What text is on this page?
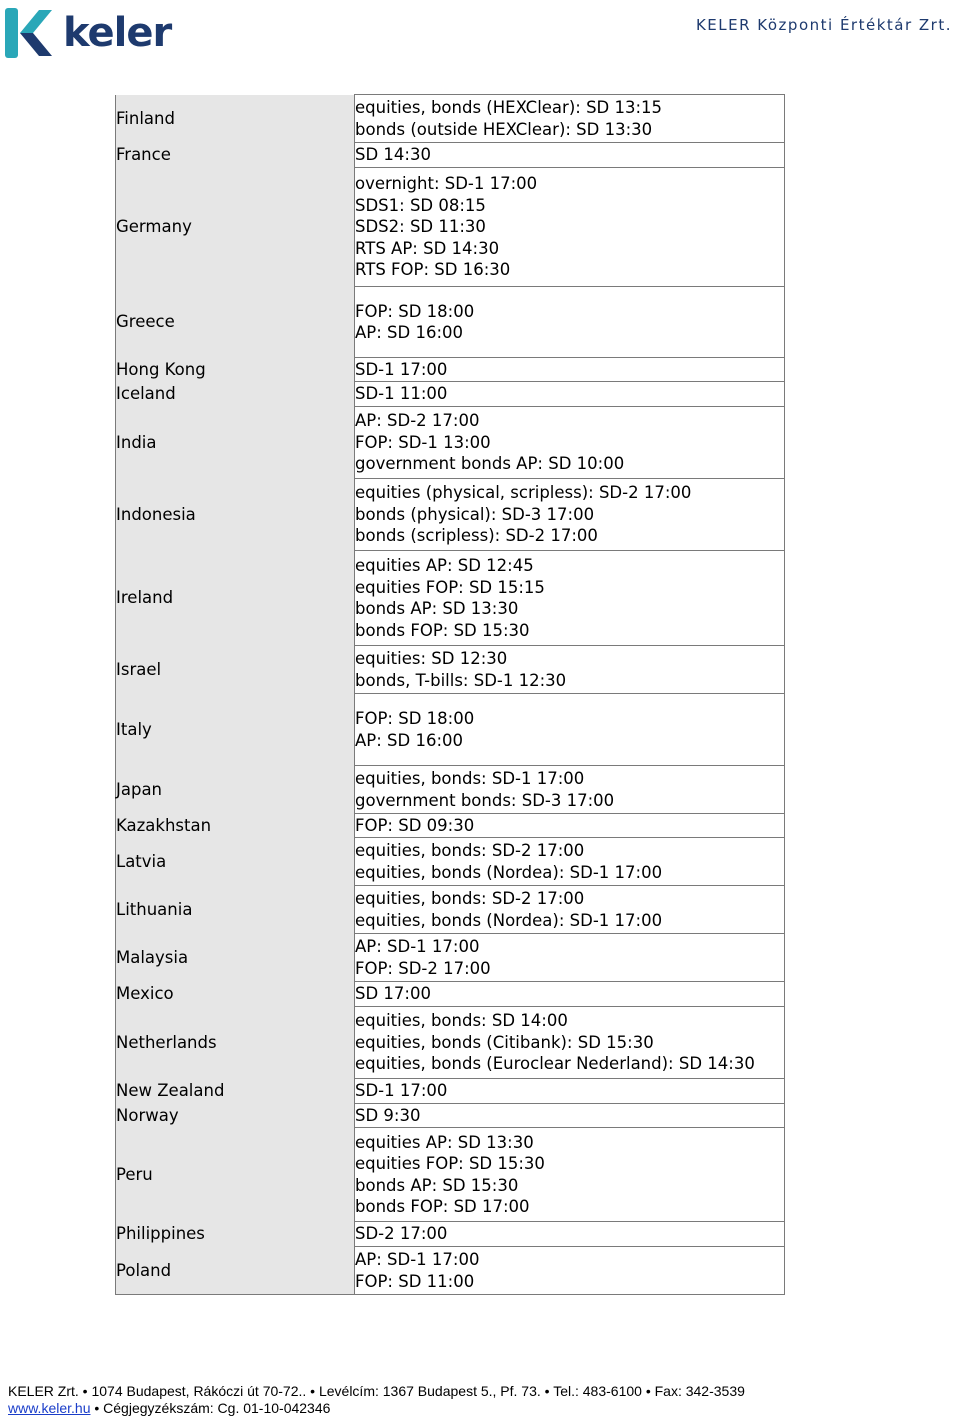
keler	KELER Központi Értéktár Zrt.
Finland	equities, bonds (HEXClear): SD 13:15
bonds (outside HEXClear): SD 13:30

France	SD 14:30

Germany	overnight: SD-1 17:00
SDS1: SD 08:15
SDS2: SD 11:30
RTS AP: SD 14:30
RTS FOP: SD 16:30

Greece	FOP: SD 18:00
AP: SD 16:00

Hong Kong	SD-1 17:00

Iceland	SD-1 11:00

India	AP: SD-2 17:00
FOP: SD-1 13:00
government bonds AP: SD 10:00

Indonesia	equities (physical, scripless): SD-2 17:00
bonds (physical): SD-3 17:00
bonds (scripless): SD-2 17:00

Ireland	equities AP: SD 12:45
equities FOP: SD 15:15
bonds AP: SD 13:30
bonds FOP: SD 15:30

Israel	equities: SD 12:30
bonds, T-bills: SD-1 12:30

Italy	FOP: SD 18:00
AP: SD 16:00

Japan	equities, bonds: SD-1 17:00
government bonds: SD-3 17:00

Kazakhstan	FOP: SD 09:30

Latvia	equities, bonds: SD-2 17:00
equities, bonds (Nordea): SD-1 17:00

Lithuania	equities, bonds: SD-2 17:00
equities, bonds (Nordea): SD-1 17:00

Malaysia	AP: SD-1 17:00
FOP: SD-2 17:00

Mexico	SD 17:00

Netherlands	equities, bonds: SD 14:00
equities, bonds (Citibank): SD 15:30
equities, bonds (Euroclear Nederland): SD 14:30

New Zealand	SD-1 17:00

Norway	SD 9:30

Peru	equities AP: SD 13:30
equities FOP: SD 15:30
bonds AP: SD 15:30
bonds FOP: SD 17:00

Philippines	SD-2 17:00

Poland	AP: SD-1 17:00
FOP: SD 11:00
KELER Zrt. • 1074 Budapest, Rákóczi út 70-72.. • Levélcím: 1367 Budapest 5., Pf. 73. • Tel.: 483-6100 • Fax: 342-3539
www.keler.hu • Cégjegyzékszám: Cg. 01-10-042346
